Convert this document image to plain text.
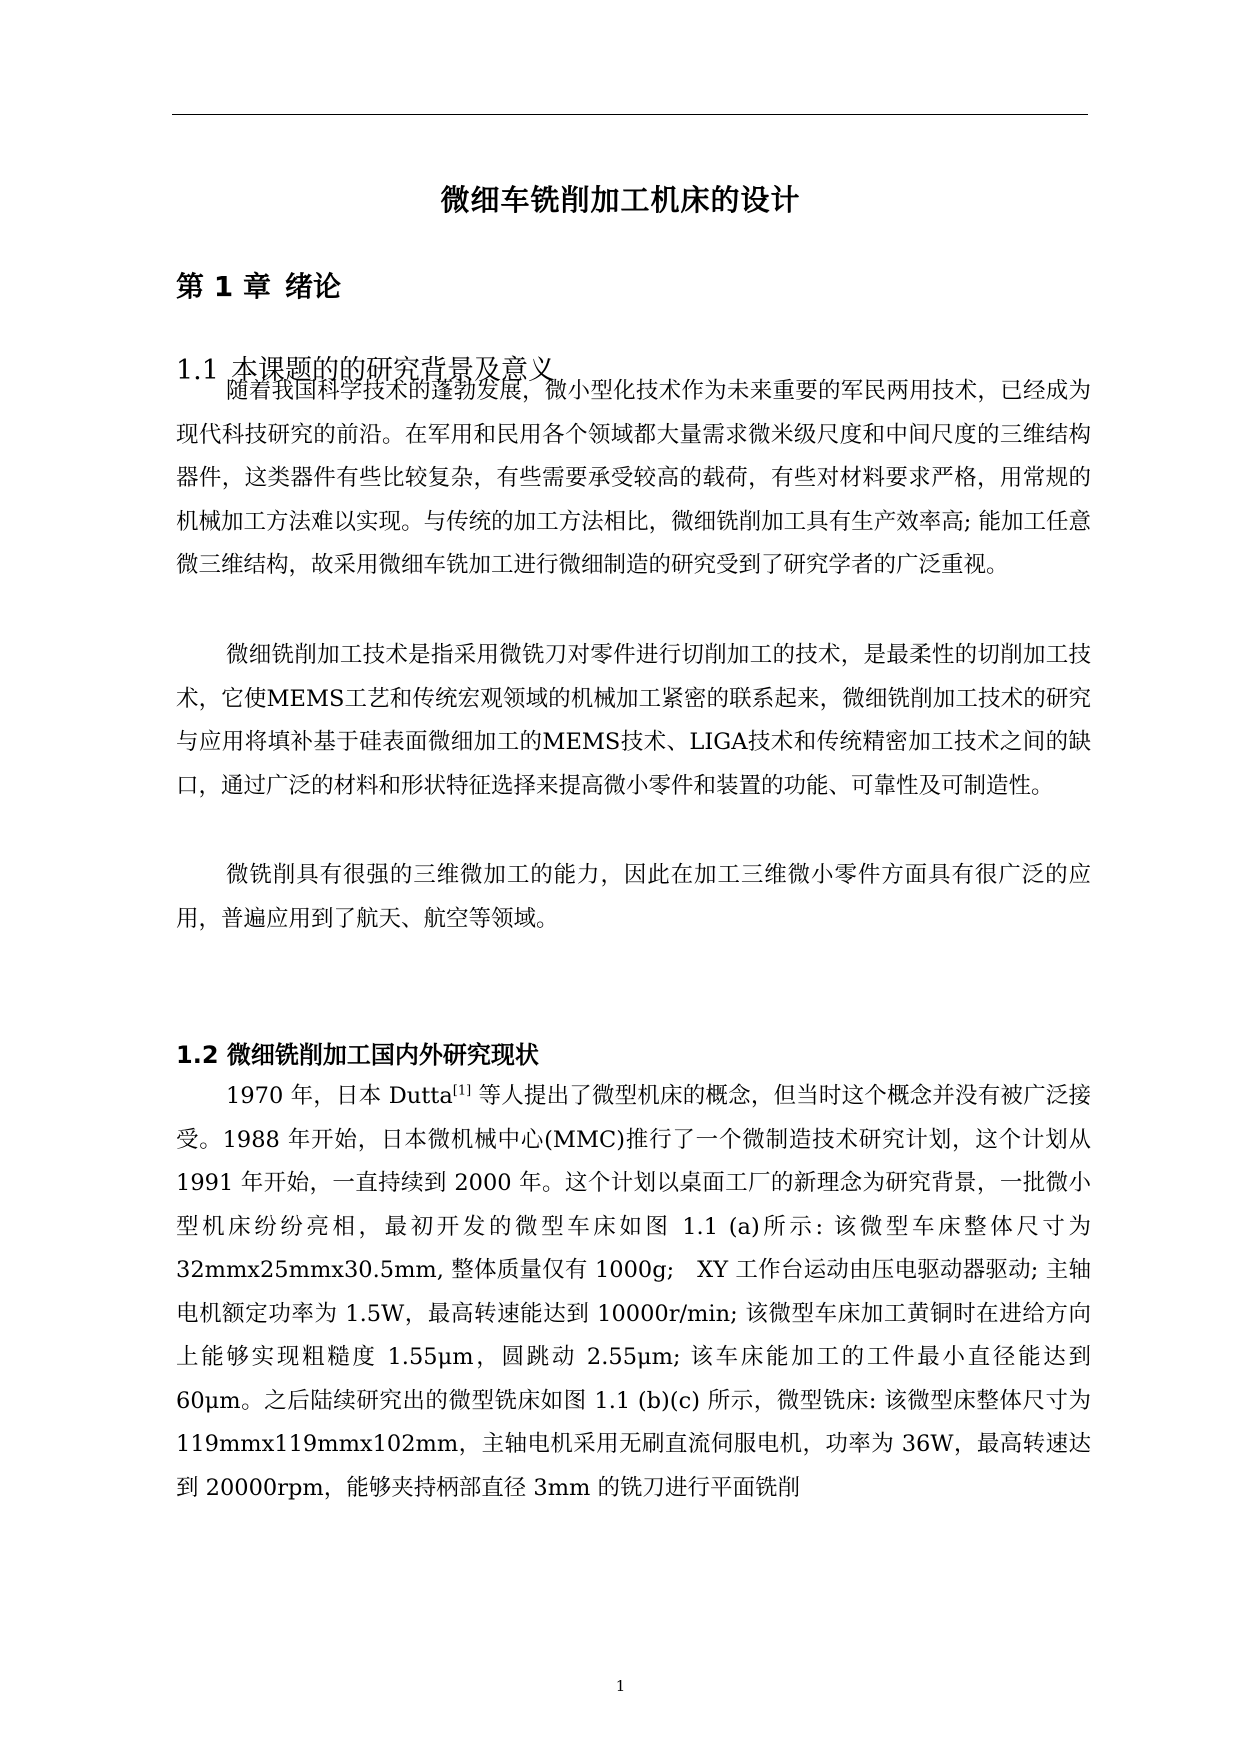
微细车铣削加工机床的设计
第 1 章 绪论
1.1 本课题的的研究背景及意义

随着我国科学技术的蓬勃发展，微小型化技术作为未来重要的军民两用技术，已经成为现代科技研究的前沿。在军用和民用各个领域都大量需求微米级尺度和中间尺度的三维结构器件，这类器件有些比较复杂，有些需要承受较高的载荷，有些对材料要求严格，用常规的机械加工方法难以实现。与传统的加工方法相比，微细铣削加工具有生产效率高; 能加工任意微三维结构，故采用微细车铣加工进行微细制造的研究受到了研究学者的广泛重视。

微细铣削加工技术是指采用微铣刀对零件进行切削加工的技术，是最柔性的切削加工技术，它使MEMS工艺和传统宏观领域的机械加工紧密的联系起来，微细铣削加工技术的研究与应用将填补基于硅表面微细加工的MEMS技术、LIGA技术和传统精密加工技术之间的缺口，通过广泛的材料和形状特征选择来提高微小零件和装置的功能、可靠性及可制造性。

微铣削具有很强的三维微加工的能力，因此在加工三维微小零件方面具有很广泛的应用，普遍应用到了航天、航空等领域。

1.2 微细铣削加工国内外研究现状

1970 年，日本 Dutta[1] 等人提出了微型机床的概念，但当时这个概念并没有被广泛接受。1988 年开始，日本微机械中心(MMC)推行了一个微制造技术研究计划，这个计划从 1991 年开始，一直持续到 2000 年。这个计划以桌面工厂的新理念为研究背景，一批微小型机床纷纷亮相，最初开发的微型车床如图 1.1 (a)所示: 该微型车床整体尺寸为 32mmx25mmx30.5mm, 整体质量仅有 1000g;　XY 工作台运动由压电驱动器驱动; 主轴电机额定功率为 1.5W，最高转速能达到 10000r/min; 该微型车床加工黄铜时在进给方向上能够实现粗糙度 1.55μm，圆跳动 2.55μm; 该车床能加工的工件最小直径能达到 60μm。之后陆续研究出的微型铣床如图 1.1 (b)(c) 所示，微型铣床: 该微型床整体尺寸为 119mmx119mmx102mm，主轴电机采用无刷直流伺服电机，功率为 36W，最高转速达到 20000rpm，能够夹持柄部直径 3mm 的铣刀进行平面铣削

1
